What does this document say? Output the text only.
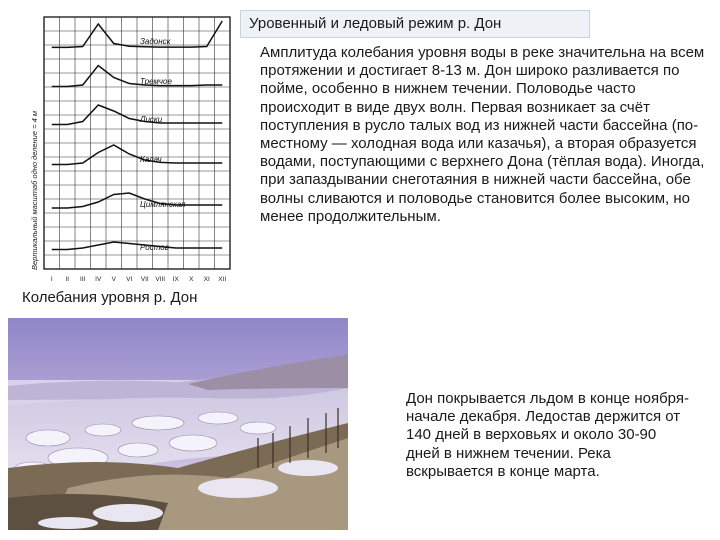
Уровенный и ледовый режим р. Дон
Амплитуда колебания уровня воды в реке значительна на всем протяжении и достигает 8-13 м. Дон широко разливается по пойме, особенно в нижнем течении. Половодье часто происходит в виде двух волн. Первая возникает за счёт поступления в русло талых вод из нижней части бассейна (по-местному — холодная вода или казачья), а вторая образуется водами, поступающими с верхнего Дона (тёплая вода). Иногда, при запаздывании снеготаяния в нижней части бассейна, обе волны сливаются и половодье становится более высоким, но менее продолжительным.
Вертикальный масштаб одно деление = 4 м
Задонск
Тремчое
Лиски
Калач
Цимлянская
Ростов
I II III IV V VI VII VIII IX X XI XII
Колебания уровня р. Дон
Дон покрывается льдом в конце ноября-начале декабря. Ледостав держится от 140 дней в верховьях и около 30-90 дней в нижнем течении. Река вскрывается в конце марта.
